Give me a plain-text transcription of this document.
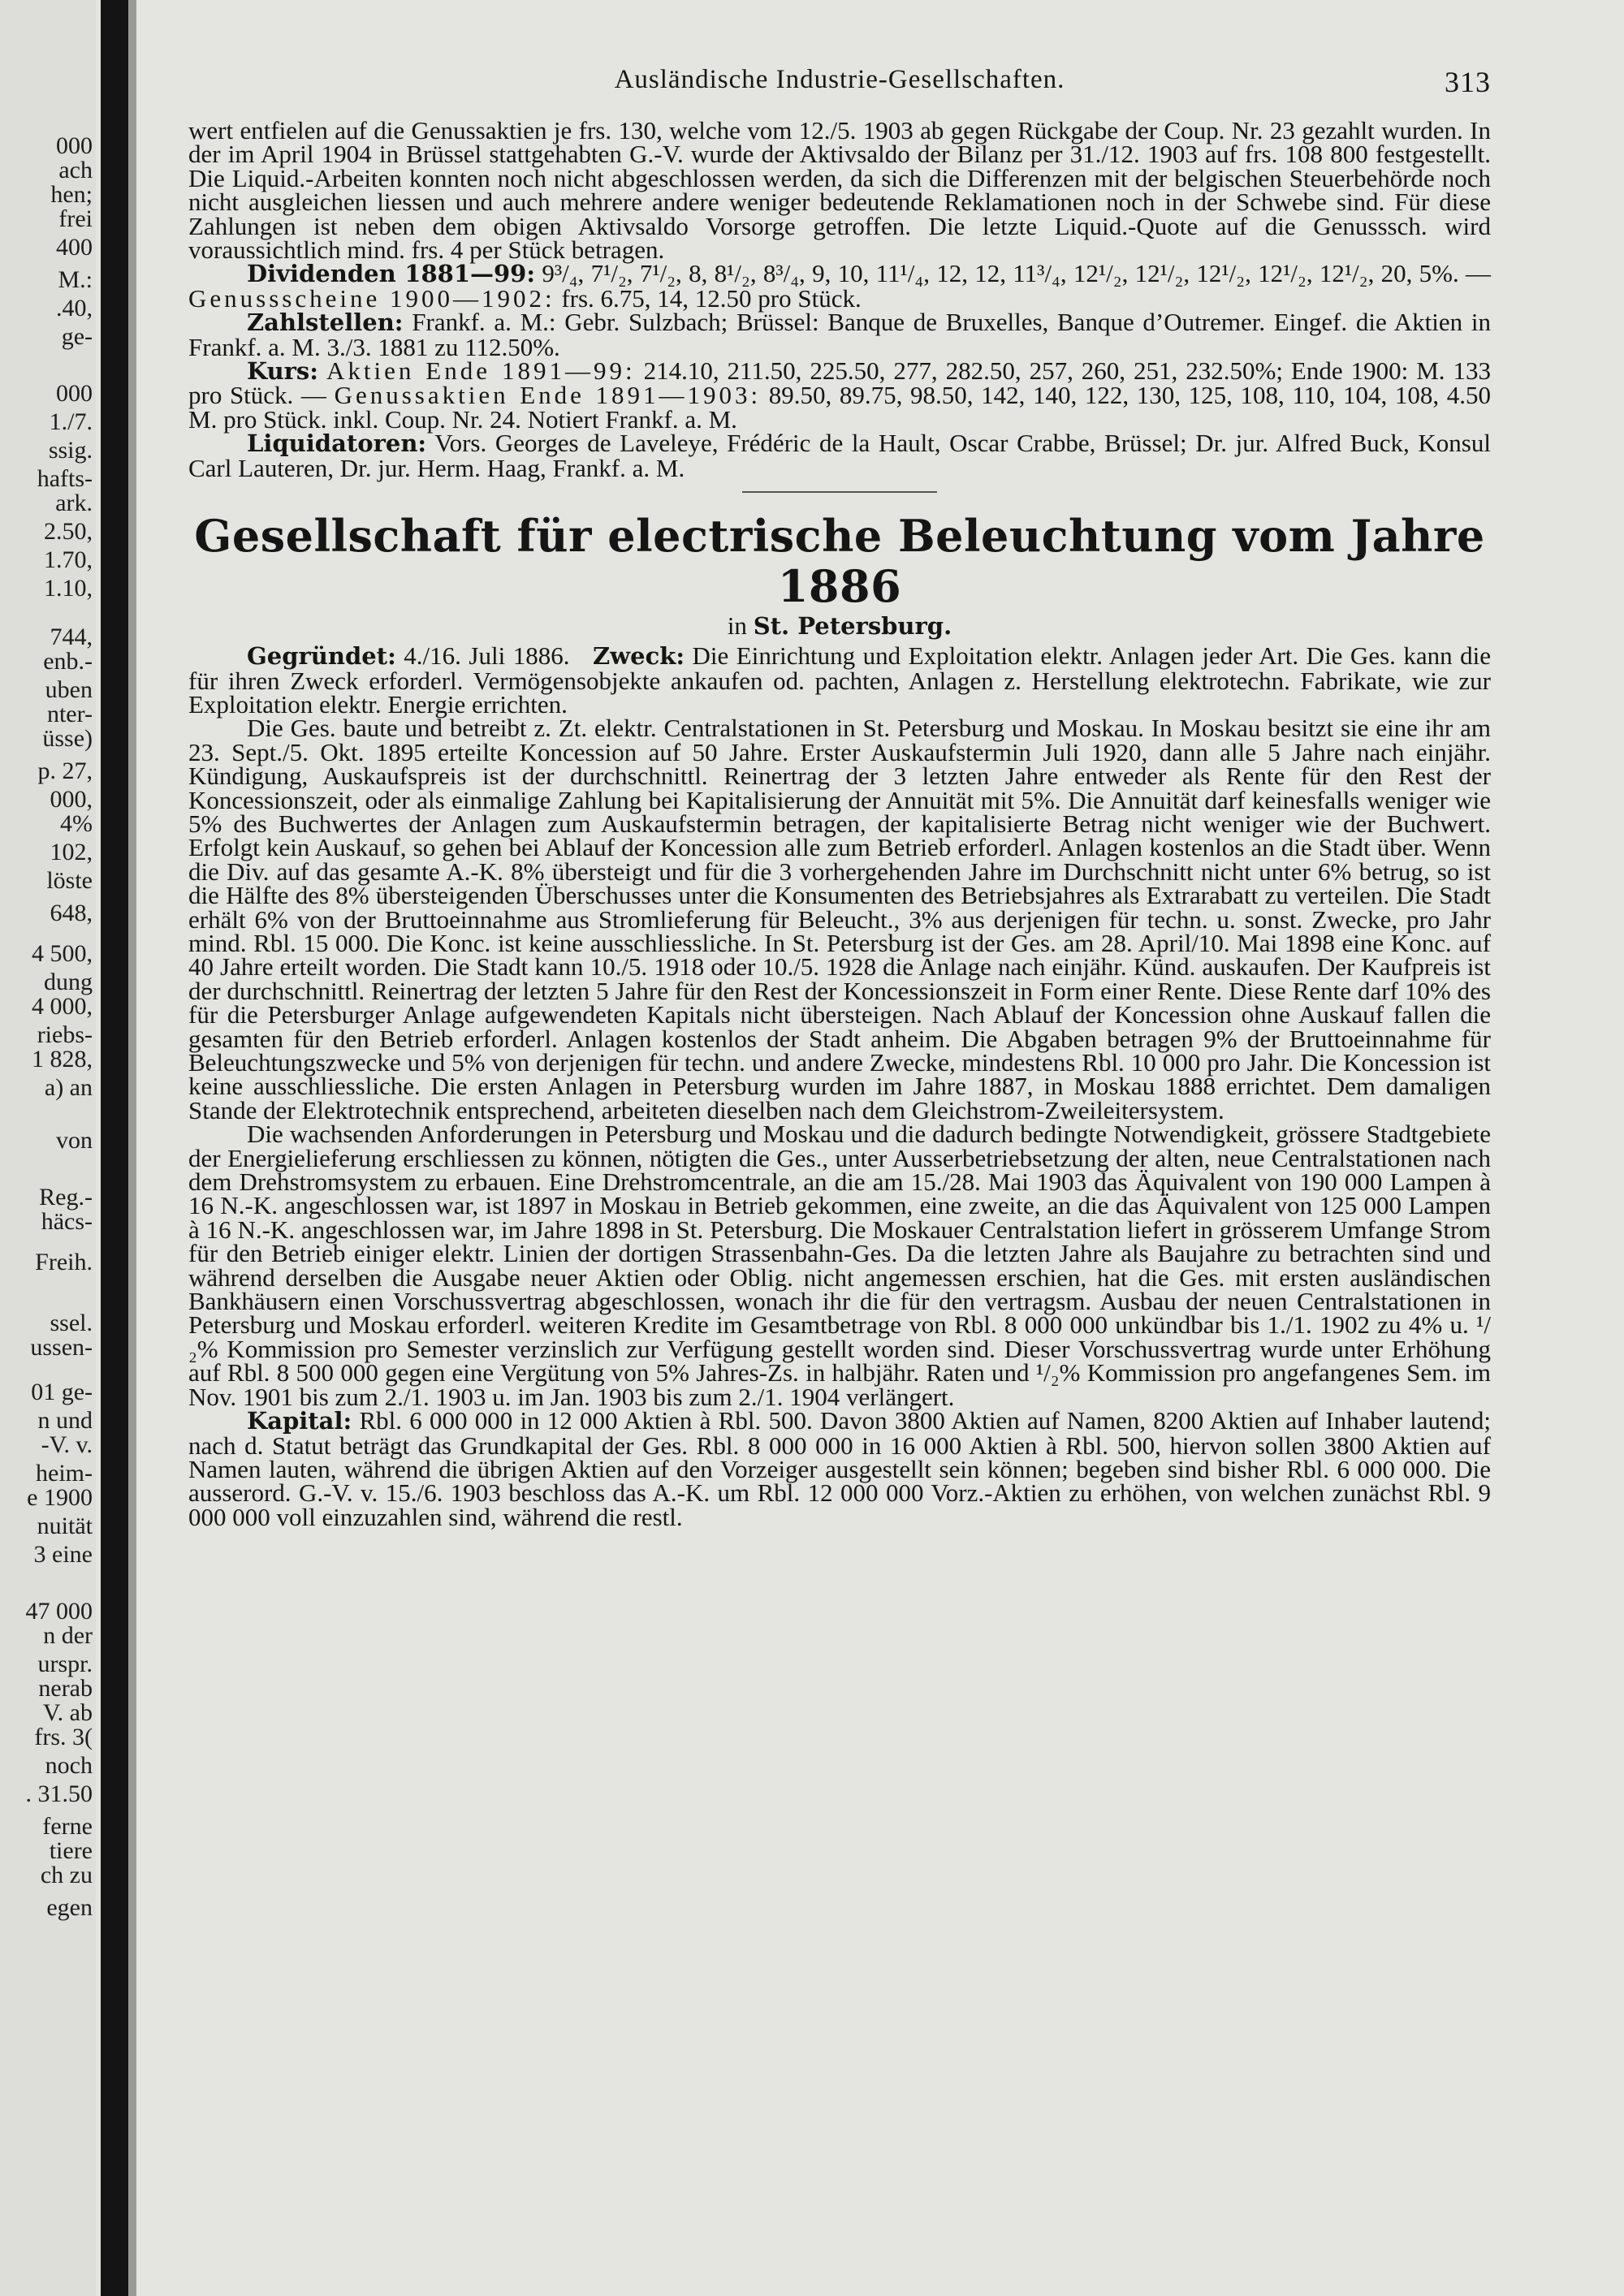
000
ach
hen;
frei
400
M.:
.40,
ge-
000
1./7.
ssig.
hafts-
ark.
2.50,
1.70,
1.10,
744,
enb.-
uben
nter-
üsse)
p. 27,
000,
4%
102,
löste
648,
4 500,
dung
4 000,
riebs-
1 828,
a) an
von
Reg.-
häcs-
Freih.
ssel.
ussen-
01 ge-
n und
-V. v.
heim-
e 1900
nuität
3 eine
47 000
n der
urspr.
nerab
V. ab
frs. 3(
noch
. 31.50
ferne
tiere
ch zu
egen
Ausländische Industrie-Gesellschaften.	313

wert entfielen auf die Genussaktien je frs. 130, welche vom 12./5. 1903 ab gegen Rückgabe der Coup. Nr. 23 gezahlt wurden. In der im April 1904 in Brüssel stattgehabten G.-V. wurde der Aktivsaldo der Bilanz per 31./12. 1903 auf frs. 108 800 festgestellt. Die Liquid.-Arbeiten konnten noch nicht abgeschlossen werden, da sich die Differenzen mit der belgischen Steuerbehörde noch nicht ausgleichen liessen und auch mehrere andere weniger bedeutende Reklamationen noch in der Schwebe sind. Für diese Zahlungen ist neben dem obigen Aktivsaldo Vorsorge getroffen. Die letzte Liquid.-Quote auf die Genusssch. wird voraussichtlich mind. frs. 4 per Stück betragen.

Dividenden 1881—99: 9³/₄, 7¹/₂, 7¹/₂, 8, 8¹/₂, 8³/₄, 9, 10, 11¹/₄, 12, 12, 11³/₄, 12¹/₂, 12¹/₂, 12¹/₂, 12¹/₂, 12¹/₂, 20, 5%. — Genussscheine 1900—1902: frs. 6.75, 14, 12.50 pro Stück.

Zahlstellen: Frankf. a. M.: Gebr. Sulzbach; Brüssel: Banque de Bruxelles, Banque d’Outremer. Eingef. die Aktien in Frankf. a. M. 3./3. 1881 zu 112.50%.

Kurs: Aktien Ende 1891—99: 214.10, 211.50, 225.50, 277, 282.50, 257, 260, 251, 232.50%; Ende 1900: M. 133 pro Stück. — Genussaktien Ende 1891—1903: 89.50, 89.75, 98.50, 142, 140, 122, 130, 125, 108, 110, 104, 108, 4.50 M. pro Stück. inkl. Coup. Nr. 24. Notiert Frankf. a. M.

Liquidatoren: Vors. Georges de Laveleye, Frédéric de la Hault, Oscar Crabbe, Brüssel; Dr. jur. Alfred Buck, Konsul Carl Lauteren, Dr. jur. Herm. Haag, Frankf. a. M.

Gesellschaft für electrische Beleuchtung vom Jahre 1886
in St. Petersburg.

Gegründet: 4./16. Juli 1886. Zweck: Die Einrichtung und Exploitation elektr. Anlagen jeder Art. Die Ges. kann die für ihren Zweck erforderl. Vermögensobjekte ankaufen od. pachten, Anlagen z. Herstellung elektrotechn. Fabrikate, wie zur Exploitation elektr. Energie errichten.

Die Ges. baute und betreibt z. Zt. elektr. Centralstationen in St. Petersburg und Moskau. In Moskau besitzt sie eine ihr am 23. Sept./5. Okt. 1895 erteilte Koncession auf 50 Jahre. Erster Auskaufstermin Juli 1920, dann alle 5 Jahre nach einjähr. Kündigung, Auskaufspreis ist der durchschnittl. Reinertrag der 3 letzten Jahre entweder als Rente für den Rest der Koncessionszeit, oder als einmalige Zahlung bei Kapitalisierung der Annuität mit 5%. Die Annuität darf keinesfalls weniger wie 5% des Buchwertes der Anlagen zum Auskaufstermin betragen, der kapitalisierte Betrag nicht weniger wie der Buchwert. Erfolgt kein Auskauf, so gehen bei Ablauf der Koncession alle zum Betrieb erforderl. Anlagen kostenlos an die Stadt über. Wenn die Div. auf das gesamte A.-K. 8% übersteigt und für die 3 vorhergehenden Jahre im Durchschnitt nicht unter 6% betrug, so ist die Hälfte des 8% übersteigenden Überschusses unter die Konsumenten des Betriebsjahres als Extrarabatt zu verteilen. Die Stadt erhält 6% von der Bruttoeinnahme aus Stromlieferung für Beleucht., 3% aus derjenigen für techn. u. sonst. Zwecke, pro Jahr mind. Rbl. 15 000. Die Konc. ist keine ausschliessliche. In St. Petersburg ist der Ges. am 28. April/10. Mai 1898 eine Konc. auf 40 Jahre erteilt worden. Die Stadt kann 10./5. 1918 oder 10./5. 1928 die Anlage nach einjähr. Künd. auskaufen. Der Kaufpreis ist der durchschnittl. Reinertrag der letzten 5 Jahre für den Rest der Koncessionszeit in Form einer Rente. Diese Rente darf 10% des für die Petersburger Anlage aufgewendeten Kapitals nicht übersteigen. Nach Ablauf der Koncession ohne Auskauf fallen die gesamten für den Betrieb erforderl. Anlagen kostenlos der Stadt anheim. Die Abgaben betragen 9% der Bruttoeinnahme für Beleuchtungszwecke und 5% von derjenigen für techn. und andere Zwecke, mindestens Rbl. 10 000 pro Jahr. Die Koncession ist keine ausschliessliche. Die ersten Anlagen in Petersburg wurden im Jahre 1887, in Moskau 1888 errichtet. Dem damaligen Stande der Elektrotechnik entsprechend, arbeiteten dieselben nach dem Gleichstrom-Zweileitersystem.

Die wachsenden Anforderungen in Petersburg und Moskau und die dadurch bedingte Notwendigkeit, grössere Stadtgebiete der Energielieferung erschliessen zu können, nötigten die Ges., unter Ausserbetriebsetzung der alten, neue Centralstationen nach dem Drehstromsystem zu erbauen. Eine Drehstromcentrale, an die am 15./28. Mai 1903 das Äquivalent von 190 000 Lampen à 16 N.-K. angeschlossen war, ist 1897 in Moskau in Betrieb gekommen, eine zweite, an die das Äquivalent von 125 000 Lampen à 16 N.-K. angeschlossen war, im Jahre 1898 in St. Petersburg. Die Moskauer Centralstation liefert in grösserem Umfange Strom für den Betrieb einiger elektr. Linien der dortigen Strassenbahn-Ges. Da die letzten Jahre als Baujahre zu betrachten sind und während derselben die Ausgabe neuer Aktien oder Oblig. nicht angemessen erschien, hat die Ges. mit ersten ausländischen Bankhäusern einen Vorschussvertrag abgeschlossen, wonach ihr die für den vertragsm. Ausbau der neuen Centralstationen in Petersburg und Moskau erforderl. weiteren Kredite im Gesamtbetrage von Rbl. 8 000 000 unkündbar bis 1./1. 1902 zu 4% u. ¹/₂% Kommission pro Semester verzinslich zur Verfügung gestellt worden sind. Dieser Vorschussvertrag wurde unter Erhöhung auf Rbl. 8 500 000 gegen eine Vergütung von 5% Jahres-Zs. in halbjähr. Raten und ¹/₂% Kommission pro angefangenes Sem. im Nov. 1901 bis zum 2./1. 1903 u. im Jan. 1903 bis zum 2./1. 1904 verlängert.

Kapital: Rbl. 6 000 000 in 12 000 Aktien à Rbl. 500. Davon 3800 Aktien auf Namen, 8200 Aktien auf Inhaber lautend; nach d. Statut beträgt das Grundkapital der Ges. Rbl. 8 000 000 in 16 000 Aktien à Rbl. 500, hiervon sollen 3800 Aktien auf Namen lauten, während die übrigen Aktien auf den Vorzeiger ausgestellt sein können; begeben sind bisher Rbl. 6 000 000. Die ausserord. G.-V. v. 15./6. 1903 beschloss das A.-K. um Rbl. 12 000 000 Vorz.-Aktien zu erhöhen, von welchen zunächst Rbl. 9 000 000 voll einzuzahlen sind, während die restl.
